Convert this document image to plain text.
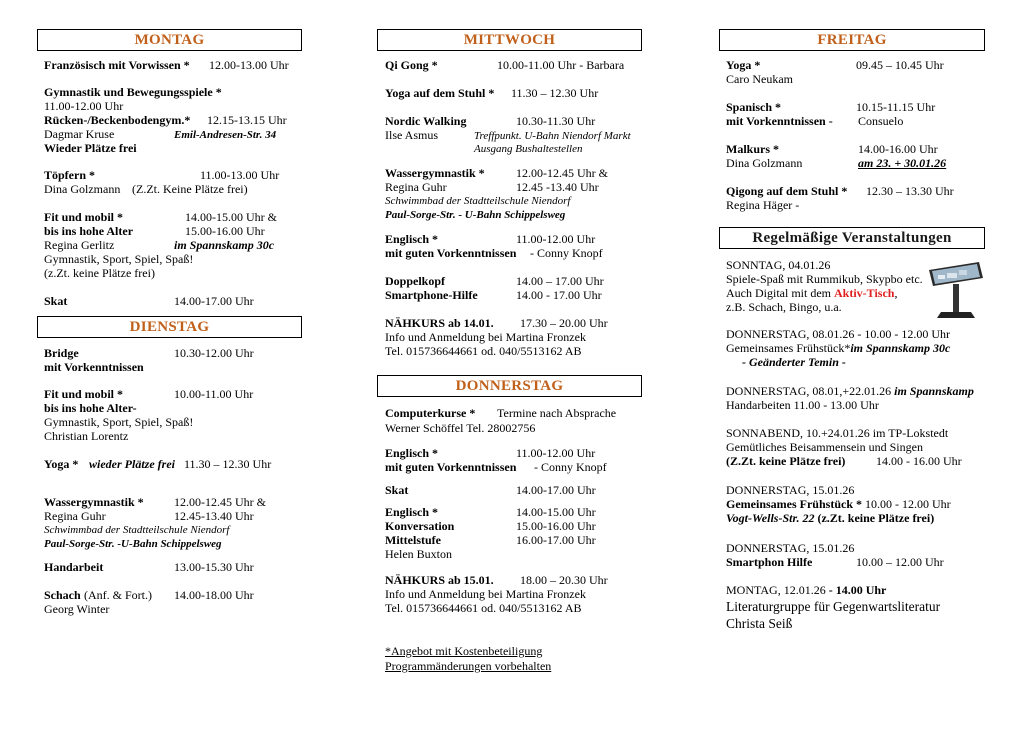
MONTAG
Französisch mit Vorwissen * 12.00-13.00 Uhr
Gymnastik und Bewegungsspiele *
11.00-12.00 Uhr
Rücken-/Beckenbodengym.* 12.15-13.15 Uhr
Dagmar Kruse	Emil-Andresen-Str. 34
Wieder Plätze frei
Töpfern *	11.00-13.00 Uhr
Dina Golzmann (Z.Zt. Keine Plätze frei)
Fit und mobil *	14.00-15.00 Uhr &
bis ins hohe Alter	15.00-16.00 Uhr
Regina Gerlitz	im Spannskamp 30c
Gymnastik, Sport, Spiel, Spaß!
(z.Zt. keine Plätze frei)
Skat	14.00-17.00 Uhr
DIENSTAG
Bridge	10.30-12.00 Uhr
mit Vorkenntnissen
Fit und mobil *	10.00-11.00 Uhr
bis ins hohe Alter-
Gymnastik, Sport, Spiel, Spaß!
Christian Lorentz
Yoga * wieder Plätze frei 11.30 – 12.30 Uhr
Wassergymnastik *	12.00-12.45 Uhr &
Regina Guhr	12.45-13.40 Uhr
Schwimmbad der Stadtteilschule Niendorf
Paul-Sorge-Str. -U-Bahn Schippelsweg
Handarbeit	13.00-15.30 Uhr
Schach (Anf. & Fort.) 14.00-18.00 Uhr
Georg Winter
MITTWOCH
Qi Gong *	10.00-11.00 Uhr - Barbara
Yoga auf dem Stuhl * 11.30 – 12.30 Uhr
Nordic Walking	10.30-11.30 Uhr
Ilse Asmus	Treffpunkt. U-Bahn Niendorf Markt
Ausgang Bushaltestellen
Wassergymnastik *	12.00-12.45 Uhr &
Regina Guhr	12.45 -13.40 Uhr
Schwimmbad der Stadtteilschule Niendorf
Paul-Sorge-Str. - U-Bahn Schippelsweg
Englisch *	11.00-12.00 Uhr
mit guten Vorkenntnissen - Conny Knopf
Doppelkopf	14.00 – 17.00 Uhr
Smartphone-Hilfe	14.00 - 17.00 Uhr
NÄHKURS ab 14.01. 17.30 – 20.00 Uhr
Info und Anmeldung bei Martina Fronzek
Tel. 015736644661 od. 040/5513162 AB
DONNERSTAG
Computerkurse * Termine nach Absprache
Werner Schöffel Tel. 28002756
Englisch *	11.00-12.00 Uhr
mit guten Vorkenntnissen - Conny Knopf
Skat	14.00-17.00 Uhr
Englisch *	14.00-15.00 Uhr
Konversation	15.00-16.00 Uhr
Mittelstufe	16.00-17.00 Uhr
Helen Buxton
NÄHKURS ab 15.01. 18.00 – 20.30 Uhr
Info und Anmeldung bei Martina Fronzek
Tel. 015736644661 od. 040/5513162 AB
*Angebot mit Kostenbeteiligung
Programmänderungen vorbehalten
FREITAG
Yoga *	09.45 – 10.45 Uhr
Caro Neukam
Spanisch *	10.15-11.15 Uhr
mit Vorkenntnissen - Consuelo
Malkurs *	14.00-16.00 Uhr
Dina Golzmann	am 23. + 30.01.26
Qigong auf dem Stuhl * 12.30 – 13.30 Uhr
Regina Häger -
Regelmäßige Veranstaltungen
SONNTAG, 04.01.26
Spiele-Spaß mit Rummikub, Skypbo etc.
Auch Digital mit dem Aktiv-Tisch,
z.B. Schach, Bingo, u.a.
DONNERSTAG, 08.01.26 - 10.00 - 12.00 Uhr
Gemeinsames Frühstück*im Spannskamp 30c
- Geänderter Temin -
DONNERSTAG, 08.01,+22.01.26 im Spannskamp
Handarbeiten 11.00 - 13.00 Uhr
SONNABEND, 10.+24.01.26 im TP-Lokstedt
Gemütliches Beisammensein und Singen
(Z.Zt. keine Plätze frei)	14.00 - 16.00 Uhr
DONNERSTAG, 15.01.26
Gemeinsames Frühstück * 10.00 - 12.00 Uhr
Vogt-Wells-Str. 22 (z.Zt. keine Plätze frei)
DONNERSTAG, 15.01.26
Smartphon Hilfe	10.00 – 12.00 Uhr
MONTAG, 12.01.26 - 14.00 Uhr
Literaturgruppe für Gegenwartsliteratur
Christa Seiß
